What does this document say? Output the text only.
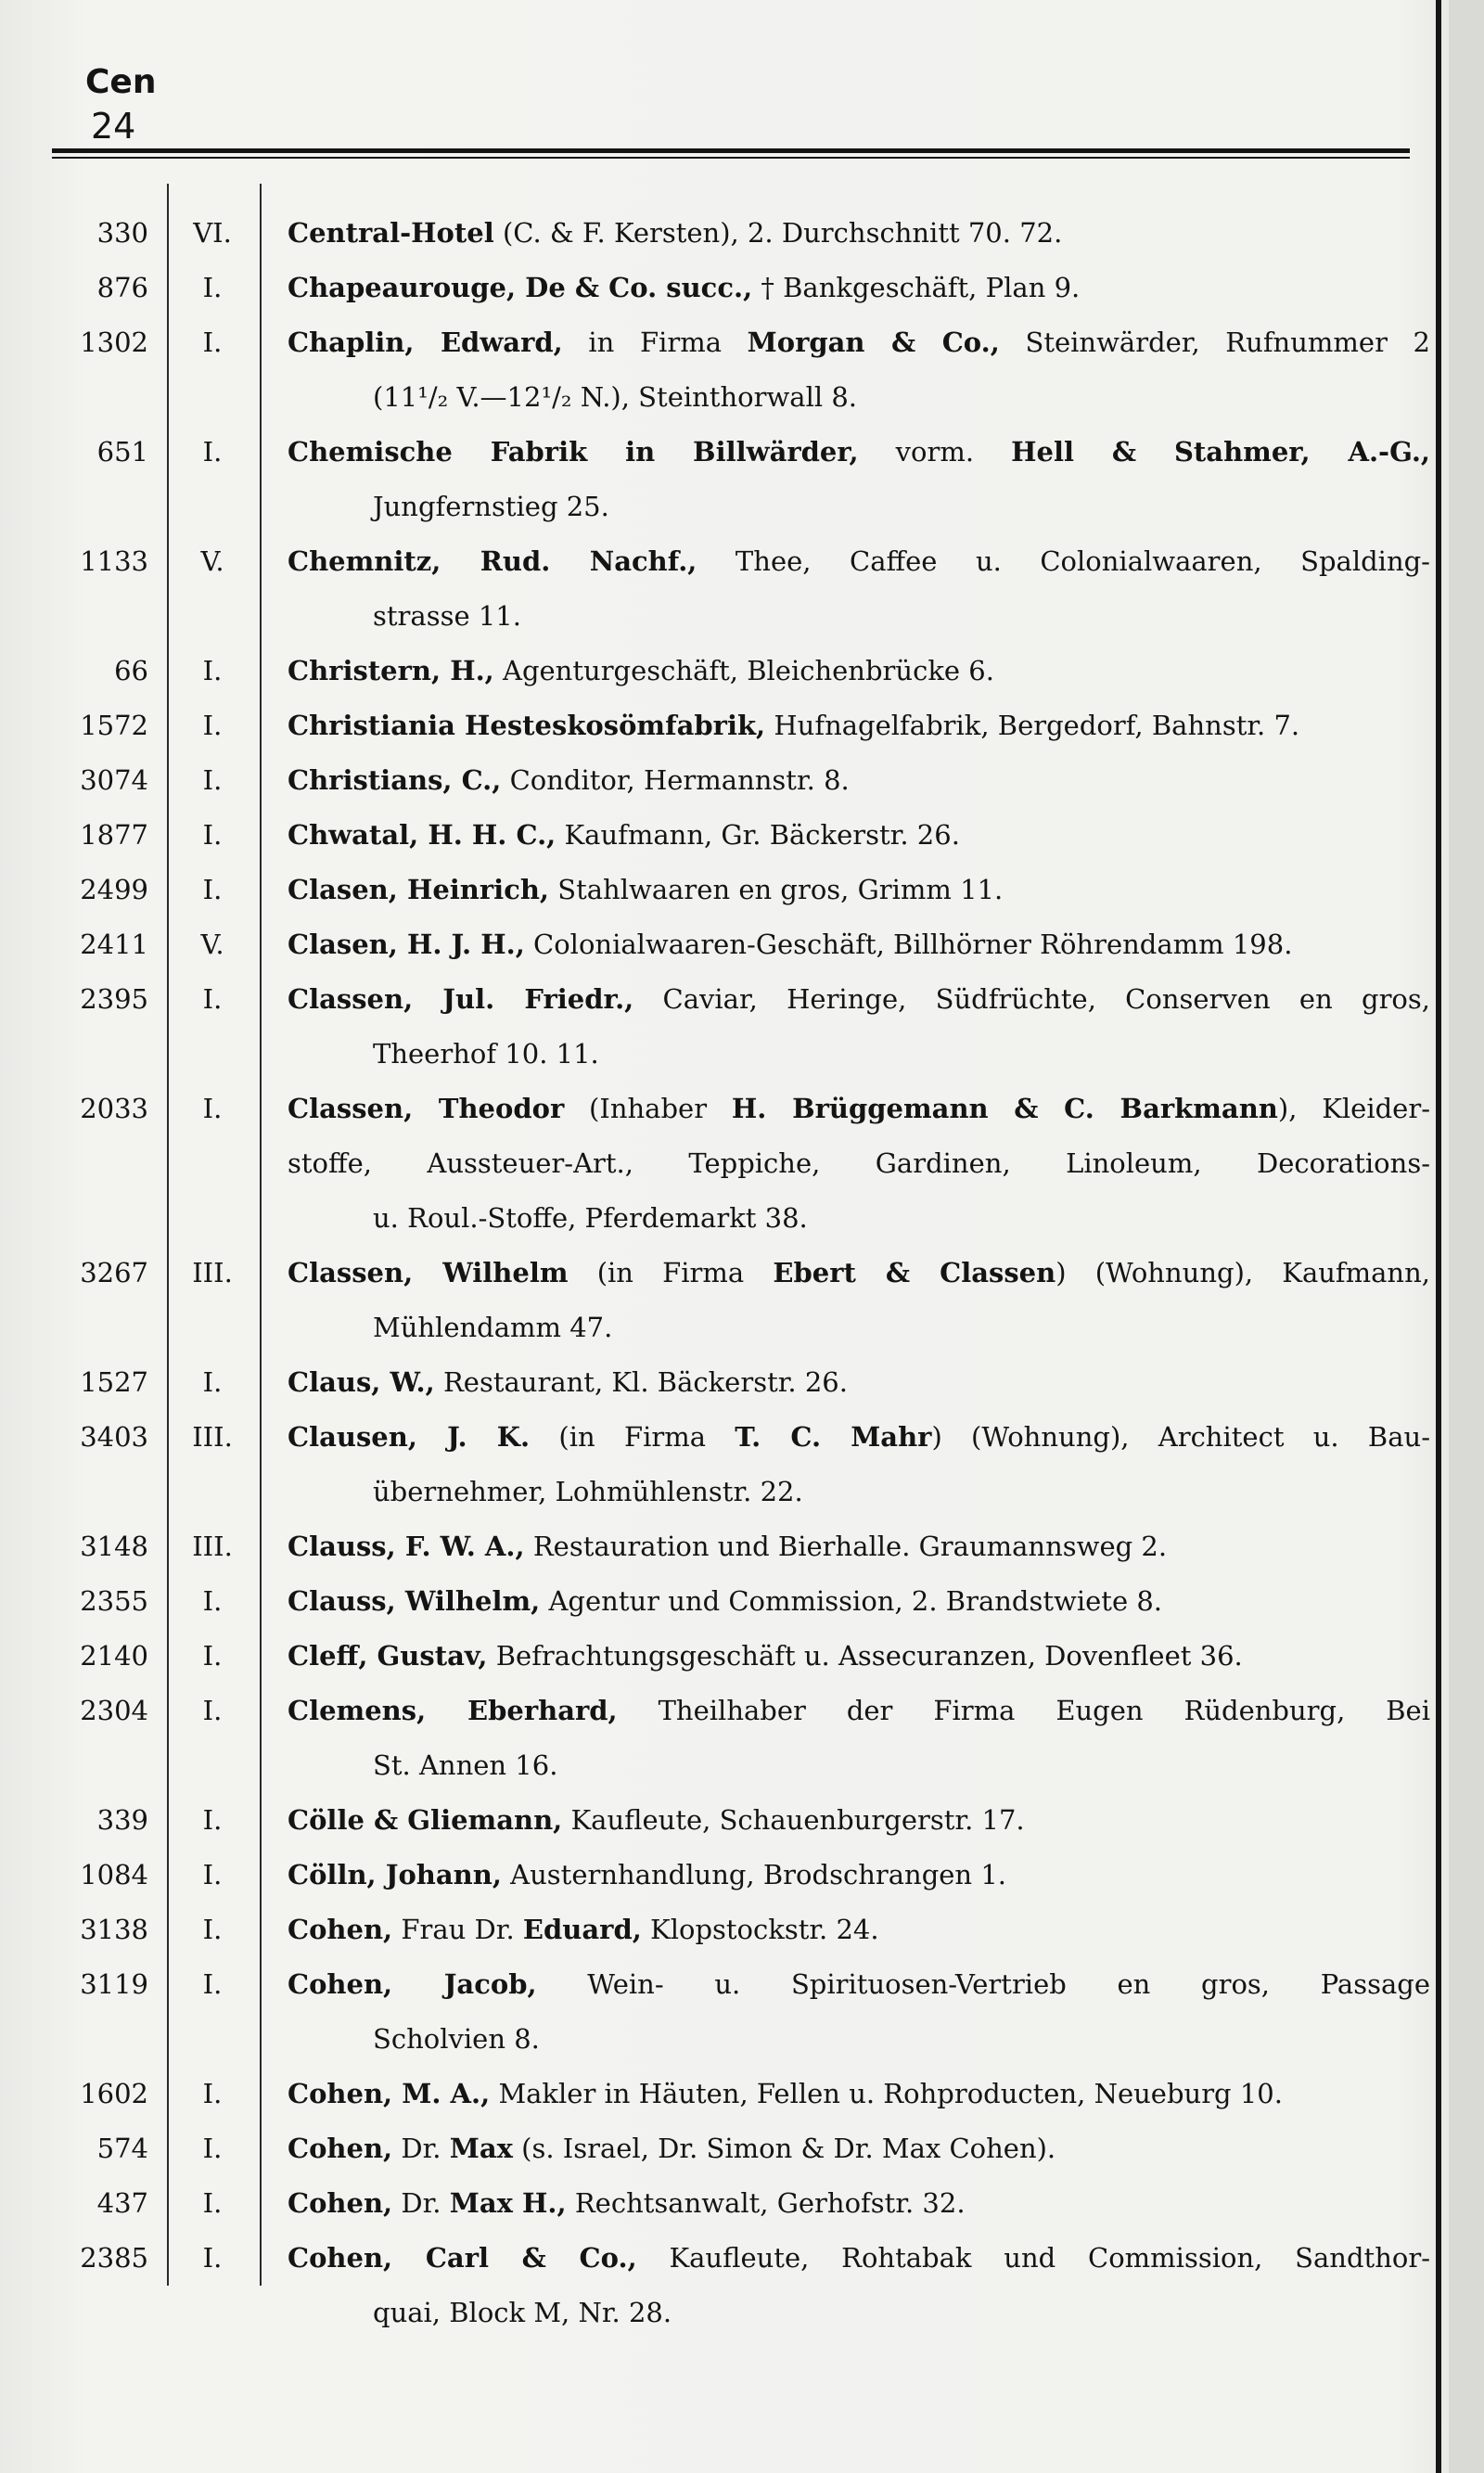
Cen
24
330	VI.	Central-Hotel (C. & F. Kersten), 2. Durchschnitt 70. 72.
876	I.	Chapeaurouge, De & Co. succ., † Bankgeschäft, Plan 9.
1302	I.	Chaplin, Edward, in Firma Morgan & Co., Steinwärder, Rufnummer 2
(11¹/₂ V.—12¹/₂ N.), Steinthorwall 8.
651	I.	Chemische Fabrik in Billwärder, vorm. Hell & Stahmer, A.-G.,
Jungfernstieg 25.
1133	V.	Chemnitz, Rud. Nachf., Thee, Caffee u. Colonialwaaren, Spalding-
strasse 11.
66	I.	Christern, H., Agenturgeschäft, Bleichenbrücke 6.
1572	I.	Christiania Hesteskosömfabrik, Hufnagelfabrik, Bergedorf, Bahnstr. 7.
3074	I.	Christians, C., Conditor, Hermannstr. 8.
1877	I.	Chwatal, H. H. C., Kaufmann, Gr. Bäckerstr. 26.
2499	I.	Clasen, Heinrich, Stahlwaaren en gros, Grimm 11.
2411	V.	Clasen, H. J. H., Colonialwaaren-Geschäft, Billhörner Röhrendamm 198.
2395	I.	Classen, Jul. Friedr., Caviar, Heringe, Südfrüchte, Conserven en gros,
Theerhof 10. 11.
2033	I.	Classen, Theodor (Inhaber H. Brüggemann & C. Barkmann), Kleider-
stoffe, Aussteuer-Art., Teppiche, Gardinen, Linoleum, Decorations-
u. Roul.-Stoffe, Pferdemarkt 38.
3267	III.	Classen, Wilhelm (in Firma Ebert & Classen) (Wohnung), Kaufmann,
Mühlendamm 47.
1527	I.	Claus, W., Restaurant, Kl. Bäckerstr. 26.
3403	III.	Clausen, J. K. (in Firma T. C. Mahr) (Wohnung), Architect u. Bau-
übernehmer, Lohmühlenstr. 22.
3148	III.	Clauss, F. W. A., Restauration und Bierhalle. Graumannsweg 2.
2355	I.	Clauss, Wilhelm, Agentur und Commission, 2. Brandstwiete 8.
2140	I.	Cleff, Gustav, Befrachtungsgeschäft u. Assecuranzen, Dovenfleet 36.
2304	I.	Clemens, Eberhard, Theilhaber der Firma Eugen Rüdenburg, Bei
St. Annen 16.
339	I.	Cölle & Gliemann, Kaufleute, Schauenburgerstr. 17.
1084	I.	Cölln, Johann, Austernhandlung, Brodschrangen 1.
3138	I.	Cohen, Frau Dr. Eduard, Klopstockstr. 24.
3119	I.	Cohen, Jacob, Wein- u. Spirituosen-Vertrieb en gros, Passage
Scholvien 8.
1602	I.	Cohen, M. A., Makler in Häuten, Fellen u. Rohproducten, Neueburg 10.
574	I.	Cohen, Dr. Max (s. Israel, Dr. Simon & Dr. Max Cohen).
437	I.	Cohen, Dr. Max H., Rechtsanwalt, Gerhofstr. 32.
2385	I.	Cohen, Carl & Co., Kaufleute, Rohtabak und Commission, Sandthor-
quai, Block M, Nr. 28.
